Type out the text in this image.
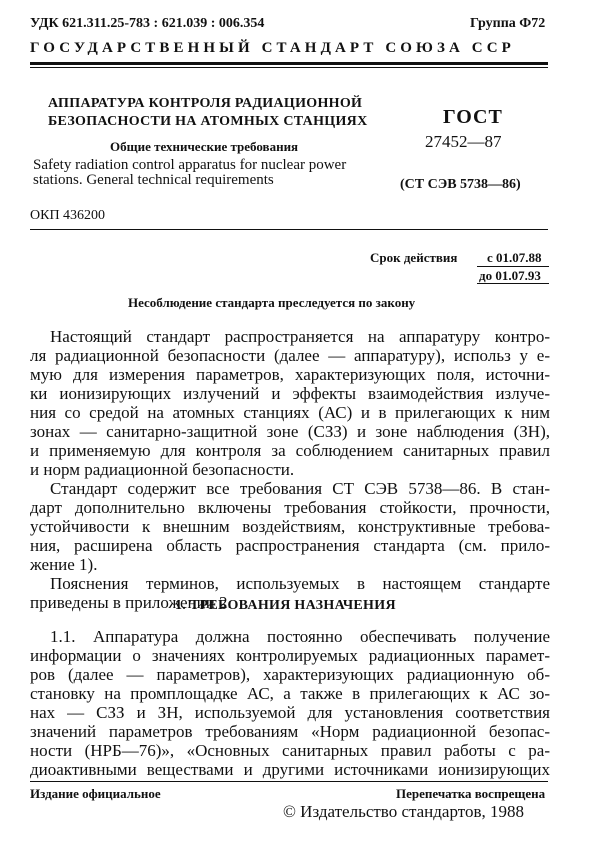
УДК 621.311.25-783 : 621.039 : 006.354	Группа Ф72
ГОСУДАРСТВЕННЫЙ СТАНДАРТ СОЮЗА ССР
АППАРАТУРА КОНТРОЛЯ РАДИАЦИОННОЙ
БЕЗОПАСНОСТИ НА АТОМНЫХ СТАНЦИЯХ
Общие технические требования
Safety radiation control apparatus for nuclear power
stations. General technical requirements
ГОСТ
27452—87
(СТ СЭВ 5738—86)
ОКП 436200
Срок действия с 01.07.88
до 01.07.93
Несоблюдение стандарта преследуется по закону
Настоящий стандарт распространяется на аппаратуру контро-
ля радиационной безопасности (далее — аппаратуру), использ у е-
мую для измерения параметров, характеризующих поля, источни-
ки ионизирующих излучений и эффекты взаимодействия излуче-
ния со средой на атомных станциях (АС) и в прилегающих к ним
зонах — санитарно-защитной зоне (СЗЗ) и зоне наблюдения (ЗН),
и применяемую для контроля за соблюдением санитарных правил
и норм радиационной безопасности.
Стандарт содержит все требования СТ СЭВ 5738—86. В стан-
дарт дополнительно включены требования стойкости, прочности,
устойчивости к внешним воздействиям, конструктивные требова-
ния, расширена область распространения стандарта (см. прило-
жение 1).
Пояснения терминов, используемых в настоящем стандарте
приведены в приложении 2.
1. ТРЕБОВАНИЯ НАЗНАЧЕНИЯ
1.1. Аппаратура должна постоянно обеспечивать получение
информации о значениях контролируемых радиационных парамет-
ров (далее — параметров), характеризующих радиационную об-
становку на промплощадке АС, а также в прилегающих к АС зо-
нах — СЗЗ и ЗН, используемой для установления соответствия
значений параметров требованиям «Норм радиационной безопас-
ности (НРБ—76)», «Основных санитарных правил работы с ра-
диоактивными веществами и другими источниками ионизирующих
Издание официальное	Перепечатка воспрещена
© Издательство стандартов, 1988
